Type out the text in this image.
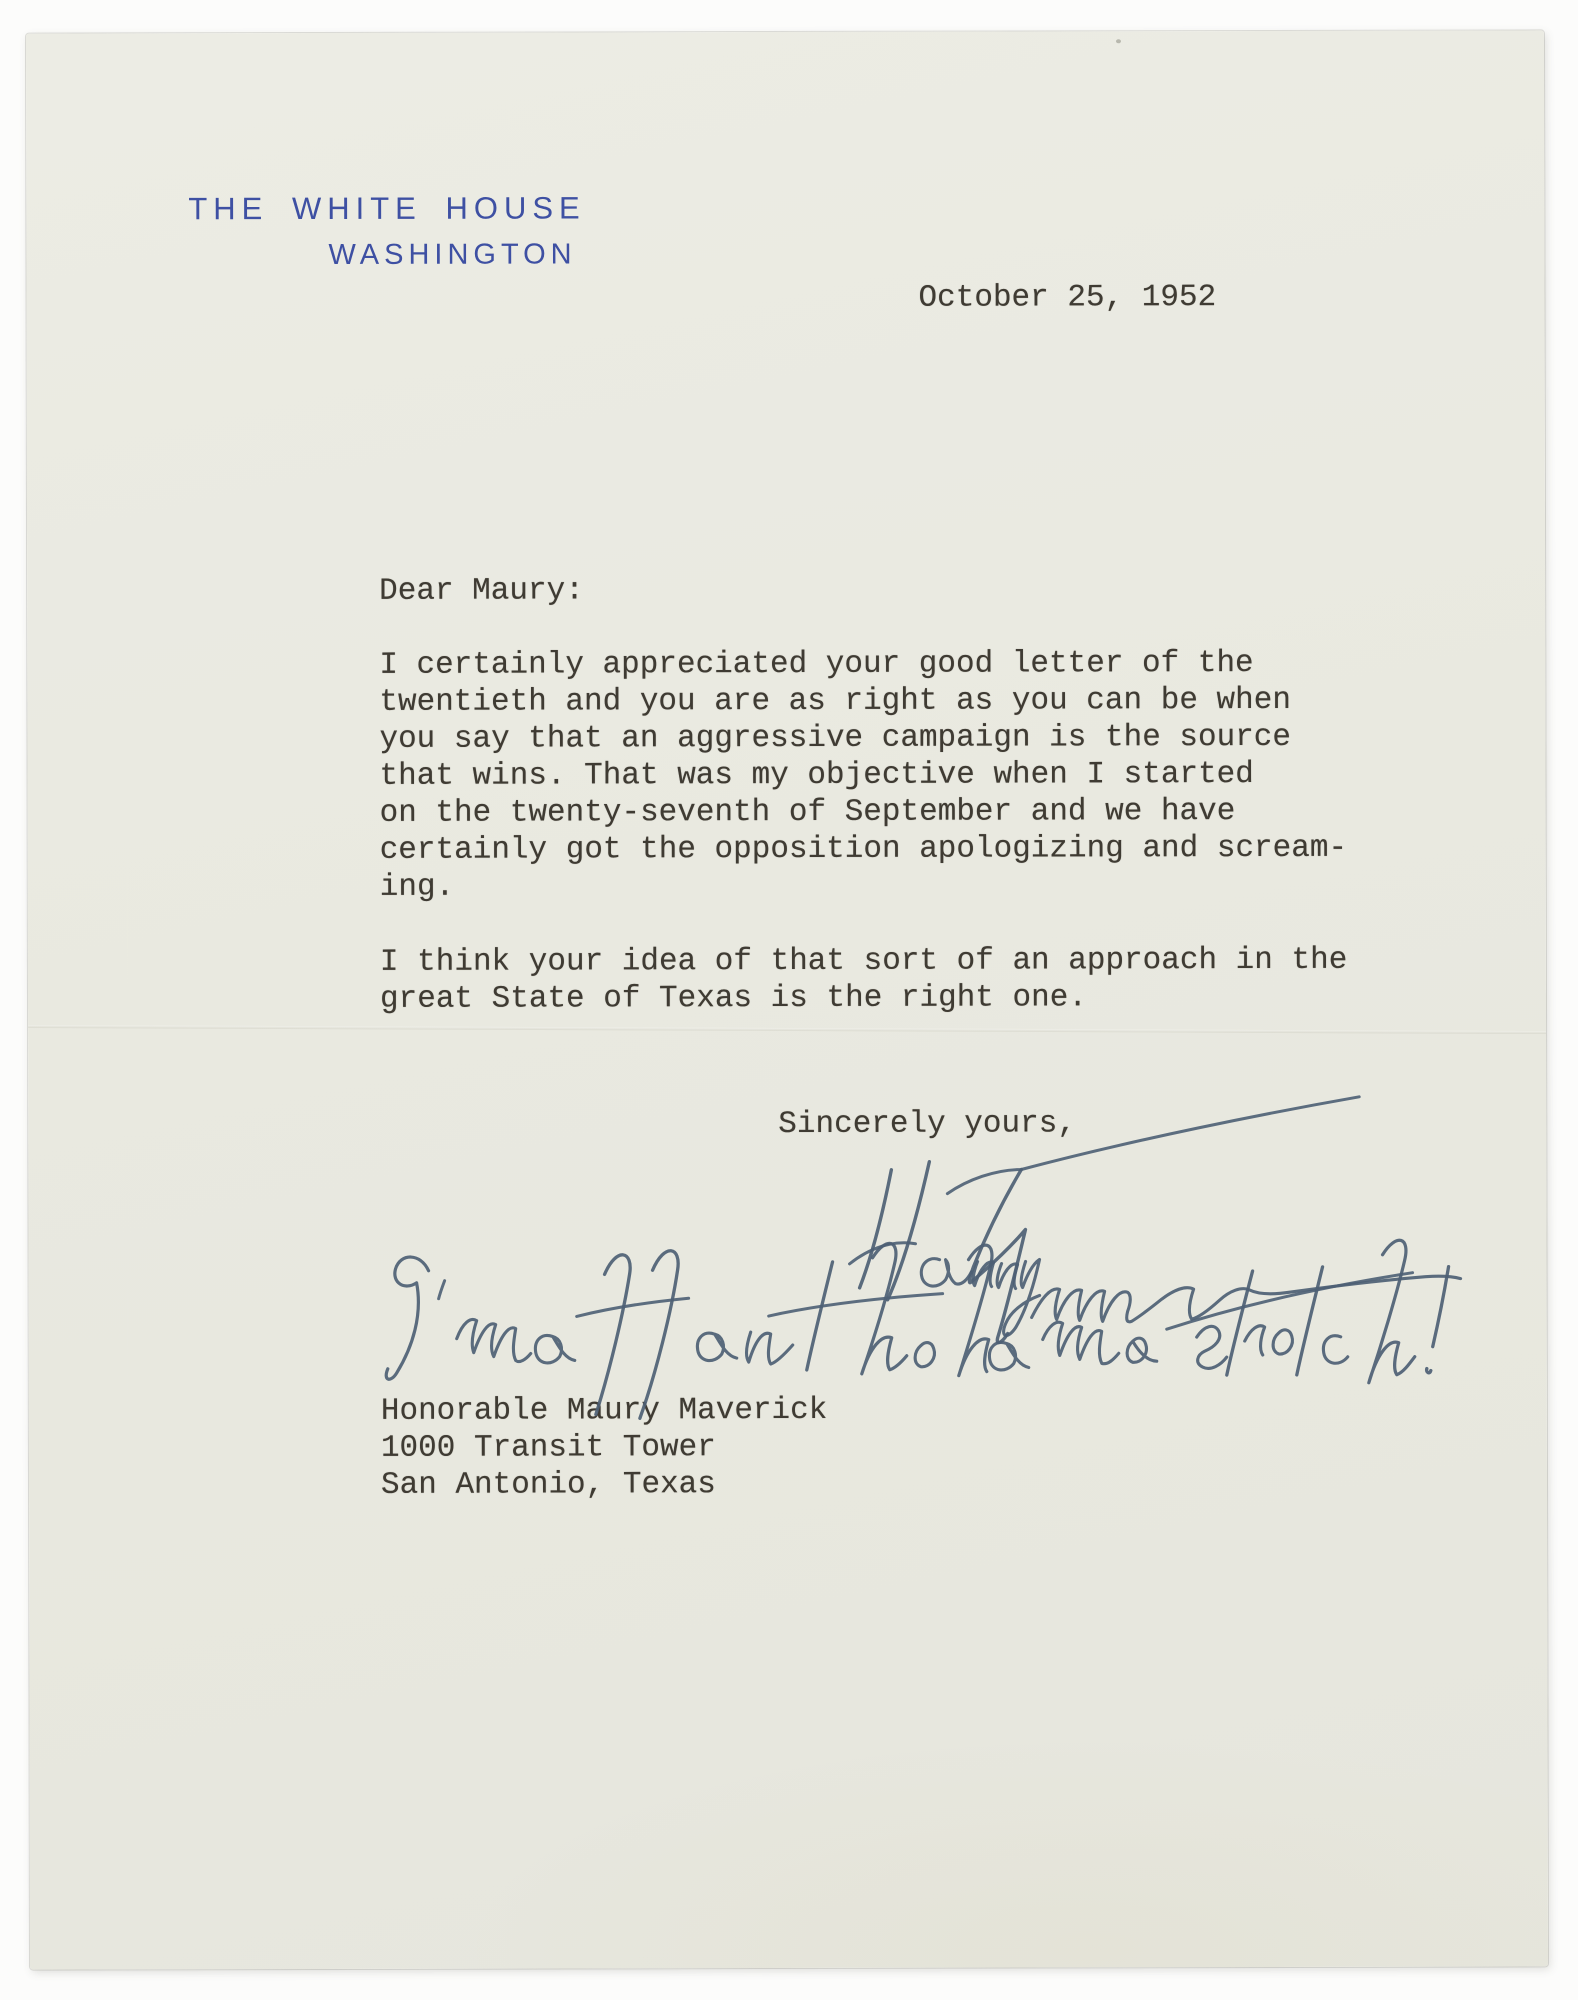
THE WHITE HOUSE
WASHINGTON
October 25, 1952
Dear Maury:
I certainly appreciated your good letter of the
twentieth and you are as right as you can be when
you say that an aggressive campaign is the source
that wins. That was my objective when I started
on the twenty-seventh of September and we have
certainly got the opposition apologizing and scream-
ing.
I think your idea of that sort of an approach in the
great State of Texas is the right one.
Sincerely yours,
Honorable Maury Maverick
1000 Transit Tower
San Antonio, Texas
